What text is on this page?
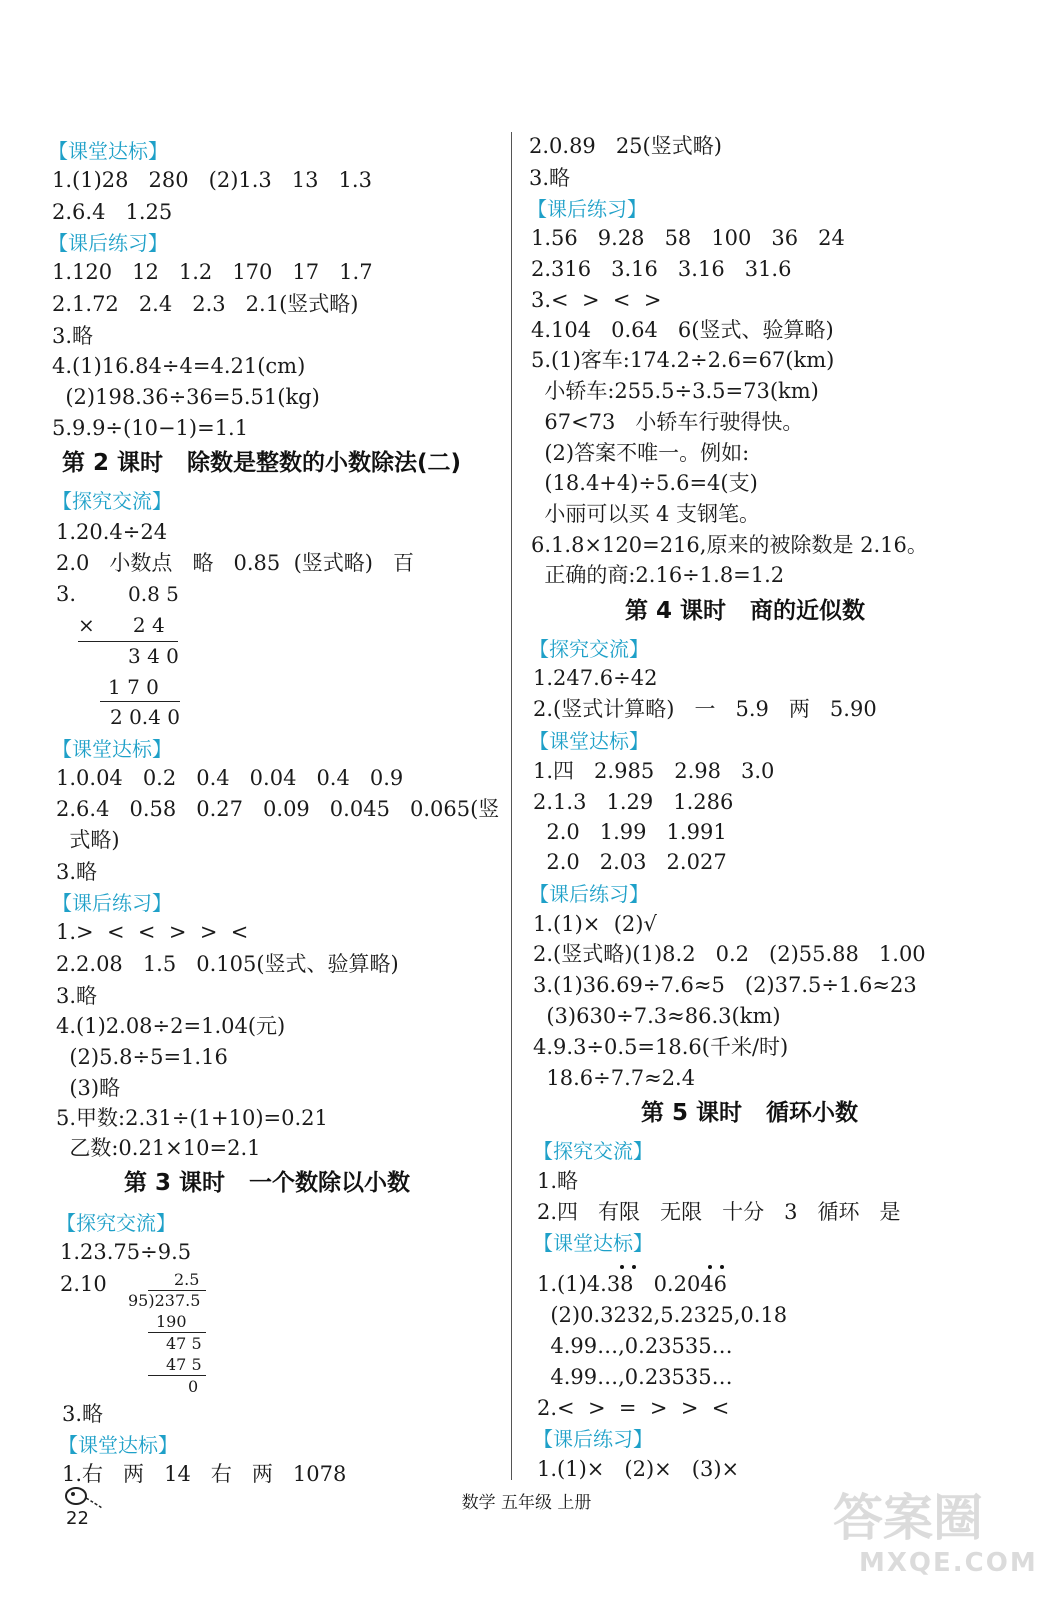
【课堂达标】
1.(1)28   280   (2)1.3   13   1.3
2.6.4   1.25
【课后练习】
1.120   12   1.2   170   17   1.7
2.1.72   2.4   2.3   2.1(竖式略)
3.略
4.(1)16.84÷4=4.21(cm)
(2)198.36÷36=5.51(kg)
5.9.9÷(10−1)=1.1
第 2 课时   除数是整数的小数除法(二)
【探究交流】
1.20.4÷24
2.0   小数点   略   0.85  (竖式略)   百
3.	0.8 5
×      2 4
3 4 0
1 7 0
2 0.4 0
【课堂达标】
1.0.04   0.2   0.4   0.04   0.4   0.9
2.6.4   0.58   0.27   0.09   0.045   0.065(竖
式略)
3.略
【课后练习】
1.>  <  <  >  >  <
2.2.08   1.5   0.105(竖式、验算略)
3.略
4.(1)2.08÷2=1.04(元)
(2)5.8÷5=1.16
(3)略
5.甲数:2.31÷(1+10)=0.21
乙数:0.21×10=2.1
第 3 课时   一个数除以小数
【探究交流】
1.23.75÷9.5
2.10	2.5
95)237.5
190
47 5
47 5
0
3.略
【课堂达标】
1.右   两   14   右   两   1078
2.0.89   25(竖式略)
3.略
【课后练习】
1.56   9.28   58   100   36   24
2.316   3.16   3.16   31.6
3.<  >  <  >
4.104   0.64   6(竖式、验算略)
5.(1)客车:174.2÷2.6=67(km)
小轿车:255.5÷3.5=73(km)
67<73   小轿车行驶得快。
(2)答案不唯一。例如:
(18.4+4)÷5.6=4(支)
小丽可以买 4 支钢笔。
6.1.8×120=216,原来的被除数是 2.16。
正确的商:2.16÷1.8=1.2
第 4 课时   商的近似数
【探究交流】
1.247.6÷42
2.(竖式计算略)   一   5.9   两   5.90
【课堂达标】
1.四   2.985   2.98   3.0
2.1.3   1.29   1.286
2.0   1.99   1.991
2.0   2.03   2.027
【课后练习】
1.(1)×  (2)√
2.(竖式略)(1)8.2   0.2   (2)55.88   1.00
3.(1)36.69÷7.6≈5   (2)37.5÷1.6≈23
(3)630÷7.3≈86.3(km)
4.9.3÷0.5=18.6(千米/时)
18.6÷7.7≈2.4
第 5 课时   循环小数
【探究交流】
1.略
2.四   有限   无限   十分   3   循环   是
【课堂达标】
1.(1)4.38   0.2046
(2)0.3232,5.2325,0.18
4.99…,0.23535…
4.99…,0.23535…
2.<  >  =  >  >  <
【课后练习】
1.(1)×   (2)×   (3)×
22
数学 五年级 上册	答案圈
MXQE.COM
